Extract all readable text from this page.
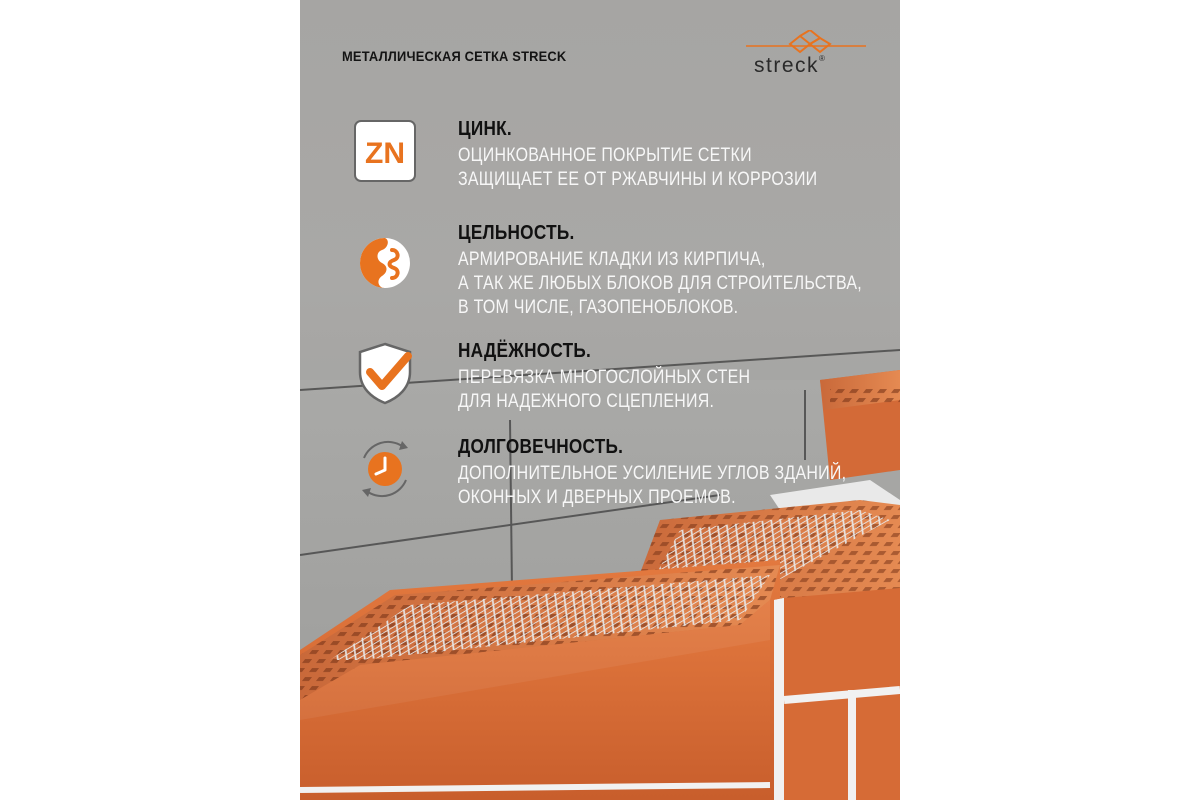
МЕТАЛЛИЧЕСКАЯ СЕТКА STRECK	streck®
ZN
ЦИНК.
ОЦИНКОВАННОЕ ПОКРЫТИЕ СЕТКИ
ЗАЩИЩАЕТ ЕЕ ОТ РЖАВЧИНЫ И КОРРОЗИИ
ЦЕЛЬНОСТЬ.
АРМИРОВАНИЕ КЛАДКИ ИЗ КИРПИЧА,
А ТАК ЖЕ ЛЮБЫХ БЛОКОВ ДЛЯ СТРОИТЕЛЬСТВА,
В ТОМ ЧИСЛЕ, ГАЗОПЕНОБЛОКОВ.
НАДЁЖНОСТЬ.
ПЕРЕВЯЗКА МНОГОСЛОЙНЫХ СТЕН
ДЛЯ НАДЕЖНОГО СЦЕПЛЕНИЯ.
ДОЛГОВЕЧНОСТЬ.
ДОПОЛНИТЕЛЬНОЕ УСИЛЕНИЕ УГЛОВ ЗДАНИЙ,
ОКОННЫХ И ДВЕРНЫХ ПРОЕМОВ.
